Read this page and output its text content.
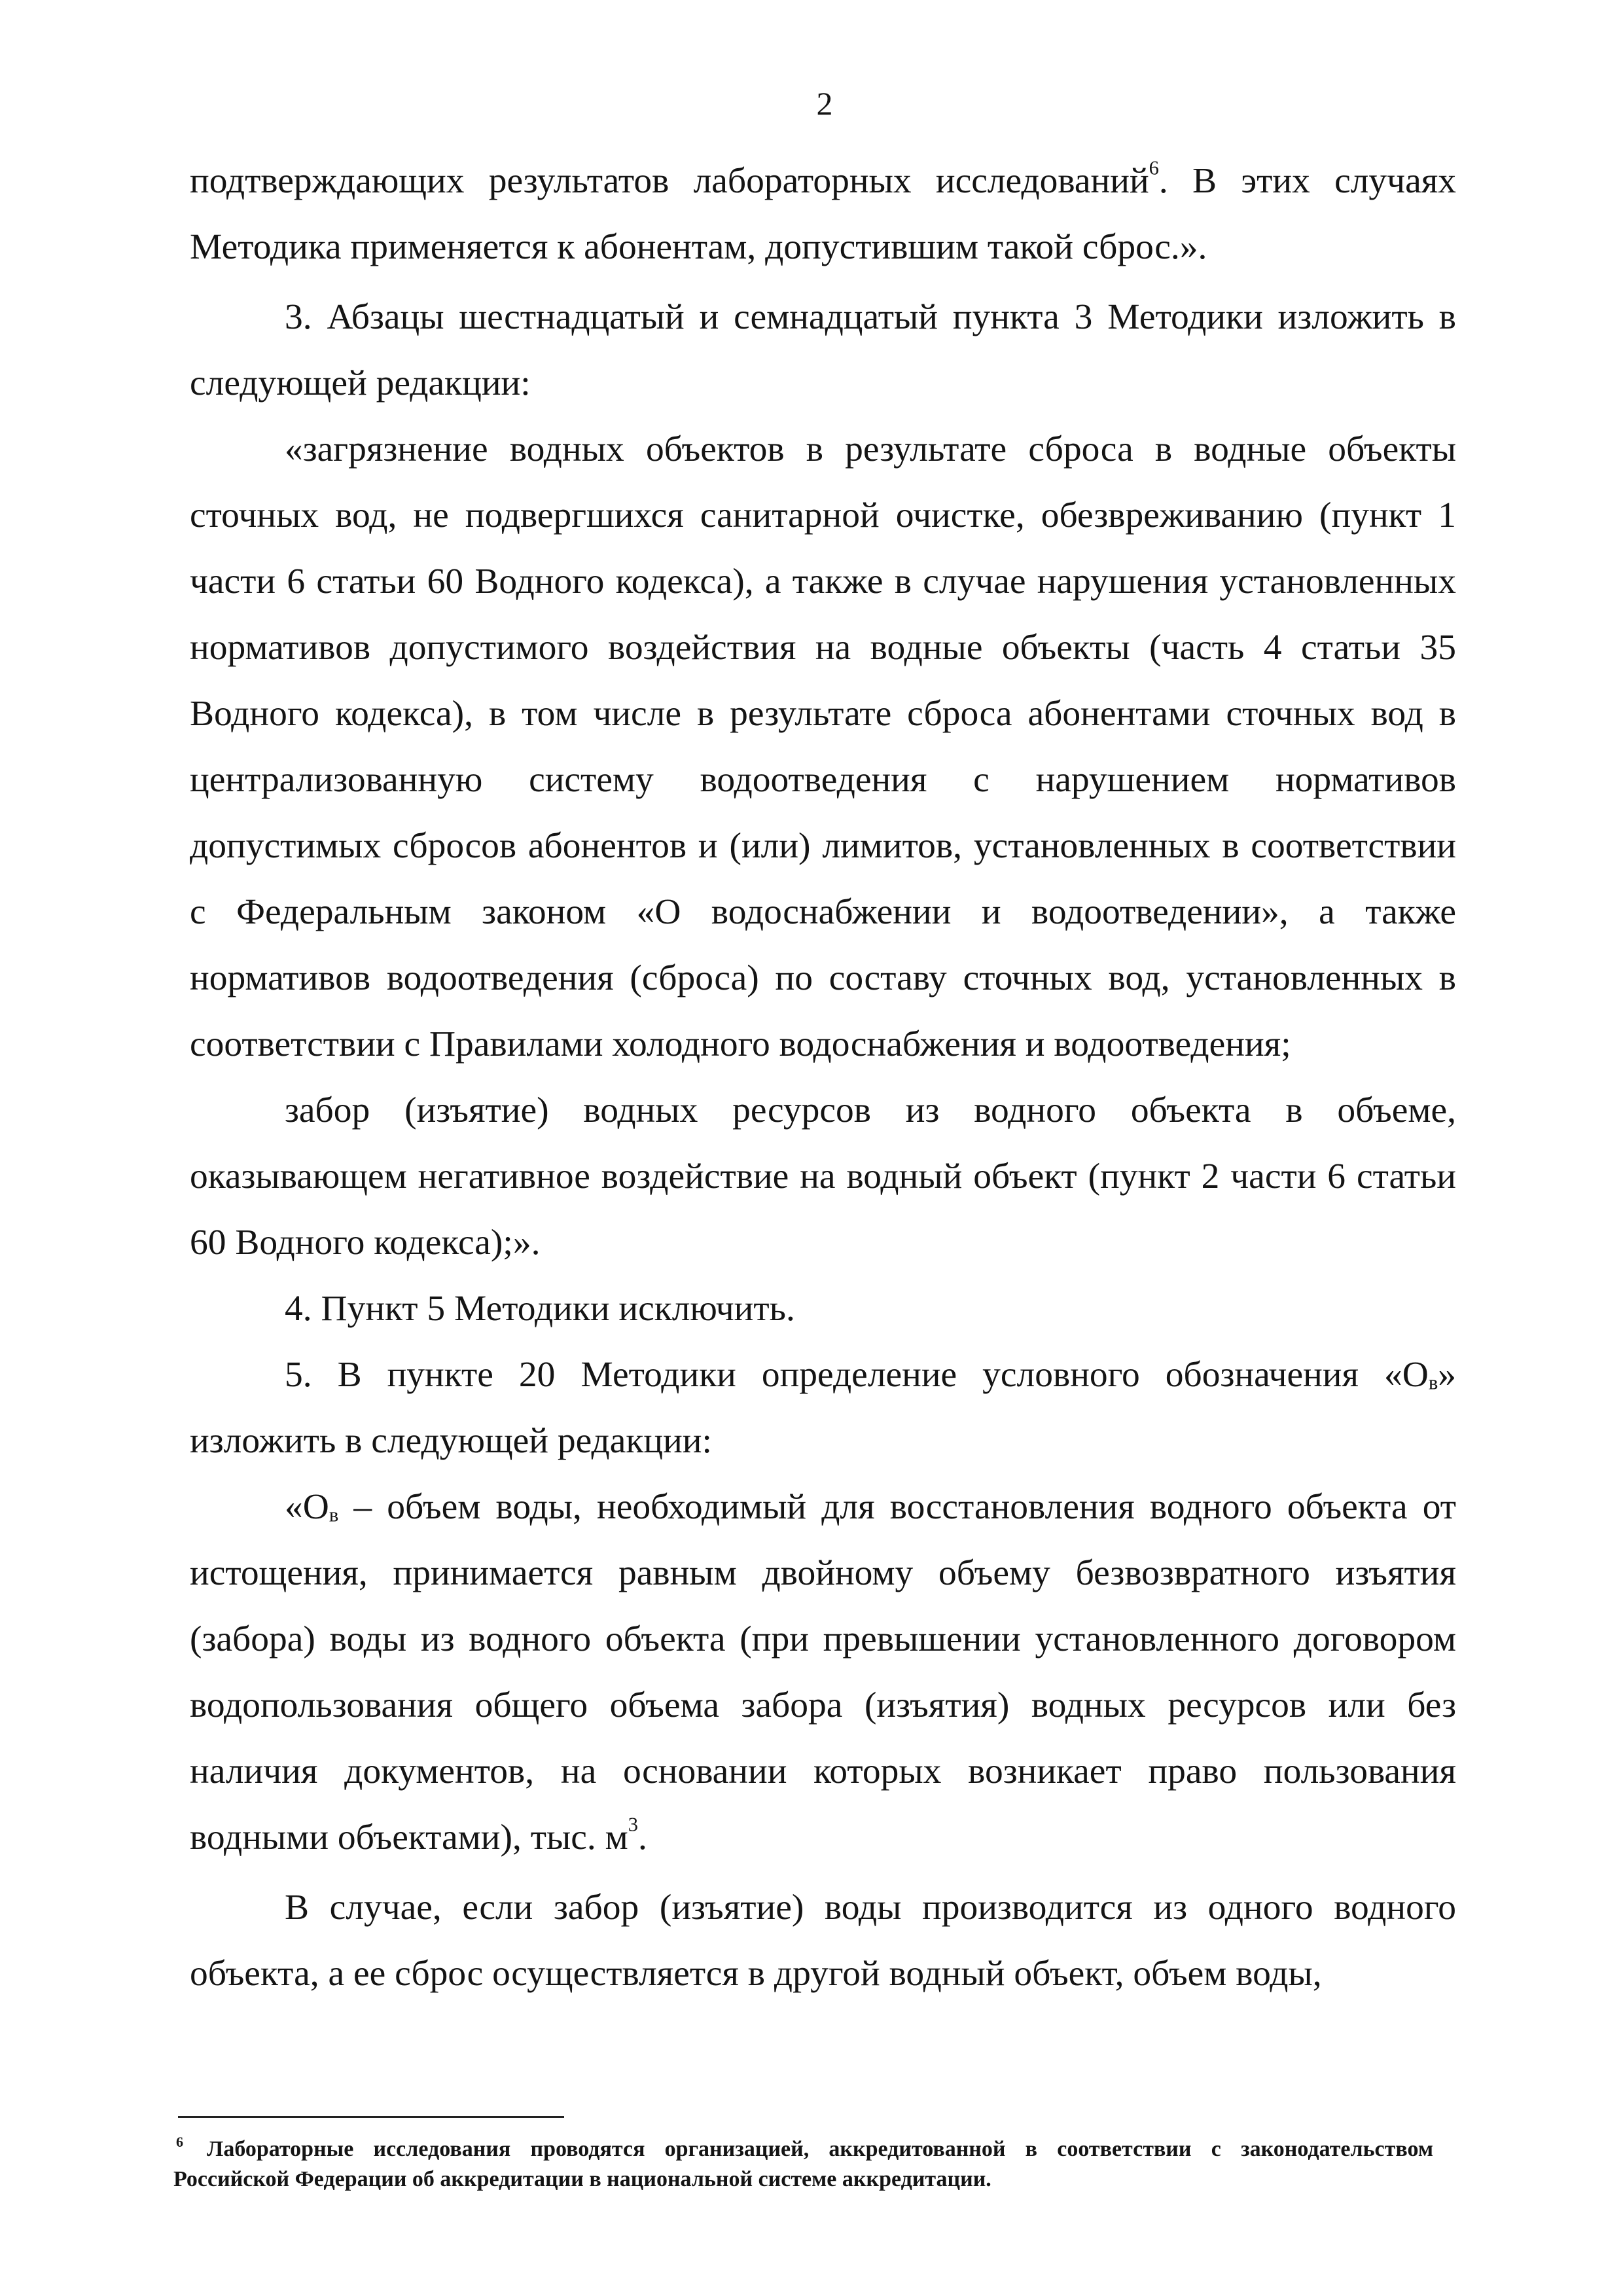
2

подтверждающих результатов лабораторных исследований$^6$. В этих случаях Методика применяется к абонентам, допустившим такой сброс.».

3. Абзацы шестнадцатый и семнадцатый пункта 3 Методики изложить в следующей редакции:

«загрязнение водных объектов в результате сброса в водные объекты сточных вод, не подвергшихся санитарной очистке, обезвреживанию (пункт 1 части 6 статьи 60 Водного кодекса), а также в случае нарушения установленных нормативов допустимого воздействия на водные объекты (часть 4 статьи 35 Водного кодекса), в том числе в результате сброса абонентами сточных вод в централизованную систему водоотведения с нарушением нормативов допустимых сбросов абонентов и (или) лимитов, установленных в соответствии с Федеральным законом «О водоснабжении и водоотведении», а также нормативов водоотведения (сброса) по составу сточных вод, установленных в соответствии с Правилами холодного водоснабжения и водоотведения;

забор (изъятие) водных ресурсов из водного объекта в объеме, оказывающем негативное воздействие на водный объект (пункт 2 части 6 статьи 60 Водного кодекса);».

4. Пункт 5 Методики исключить.

5. В пункте 20 Методики определение условного обозначения «$О_в$» изложить в следующей редакции:

«$О_в$ – объем воды, необходимый для восстановления водного объекта от истощения, принимается равным двойному объему безвозвратного изъятия (забора) воды из водного объекта (при превышении установленного договором водопользования общего объема забора (изъятия) водных ресурсов или без наличия документов, на основании которых возникает право пользования водными объектами), тыс. $м^3$.

В случае, если забор (изъятие) воды производится из одного водного объекта, а ее сброс осуществляется в другой водный объект, объем воды,

6 Лабораторные исследования проводятся организацией, аккредитованной в соответствии с законодательством Российской Федерации об аккредитации в национальной системе аккредитации.
